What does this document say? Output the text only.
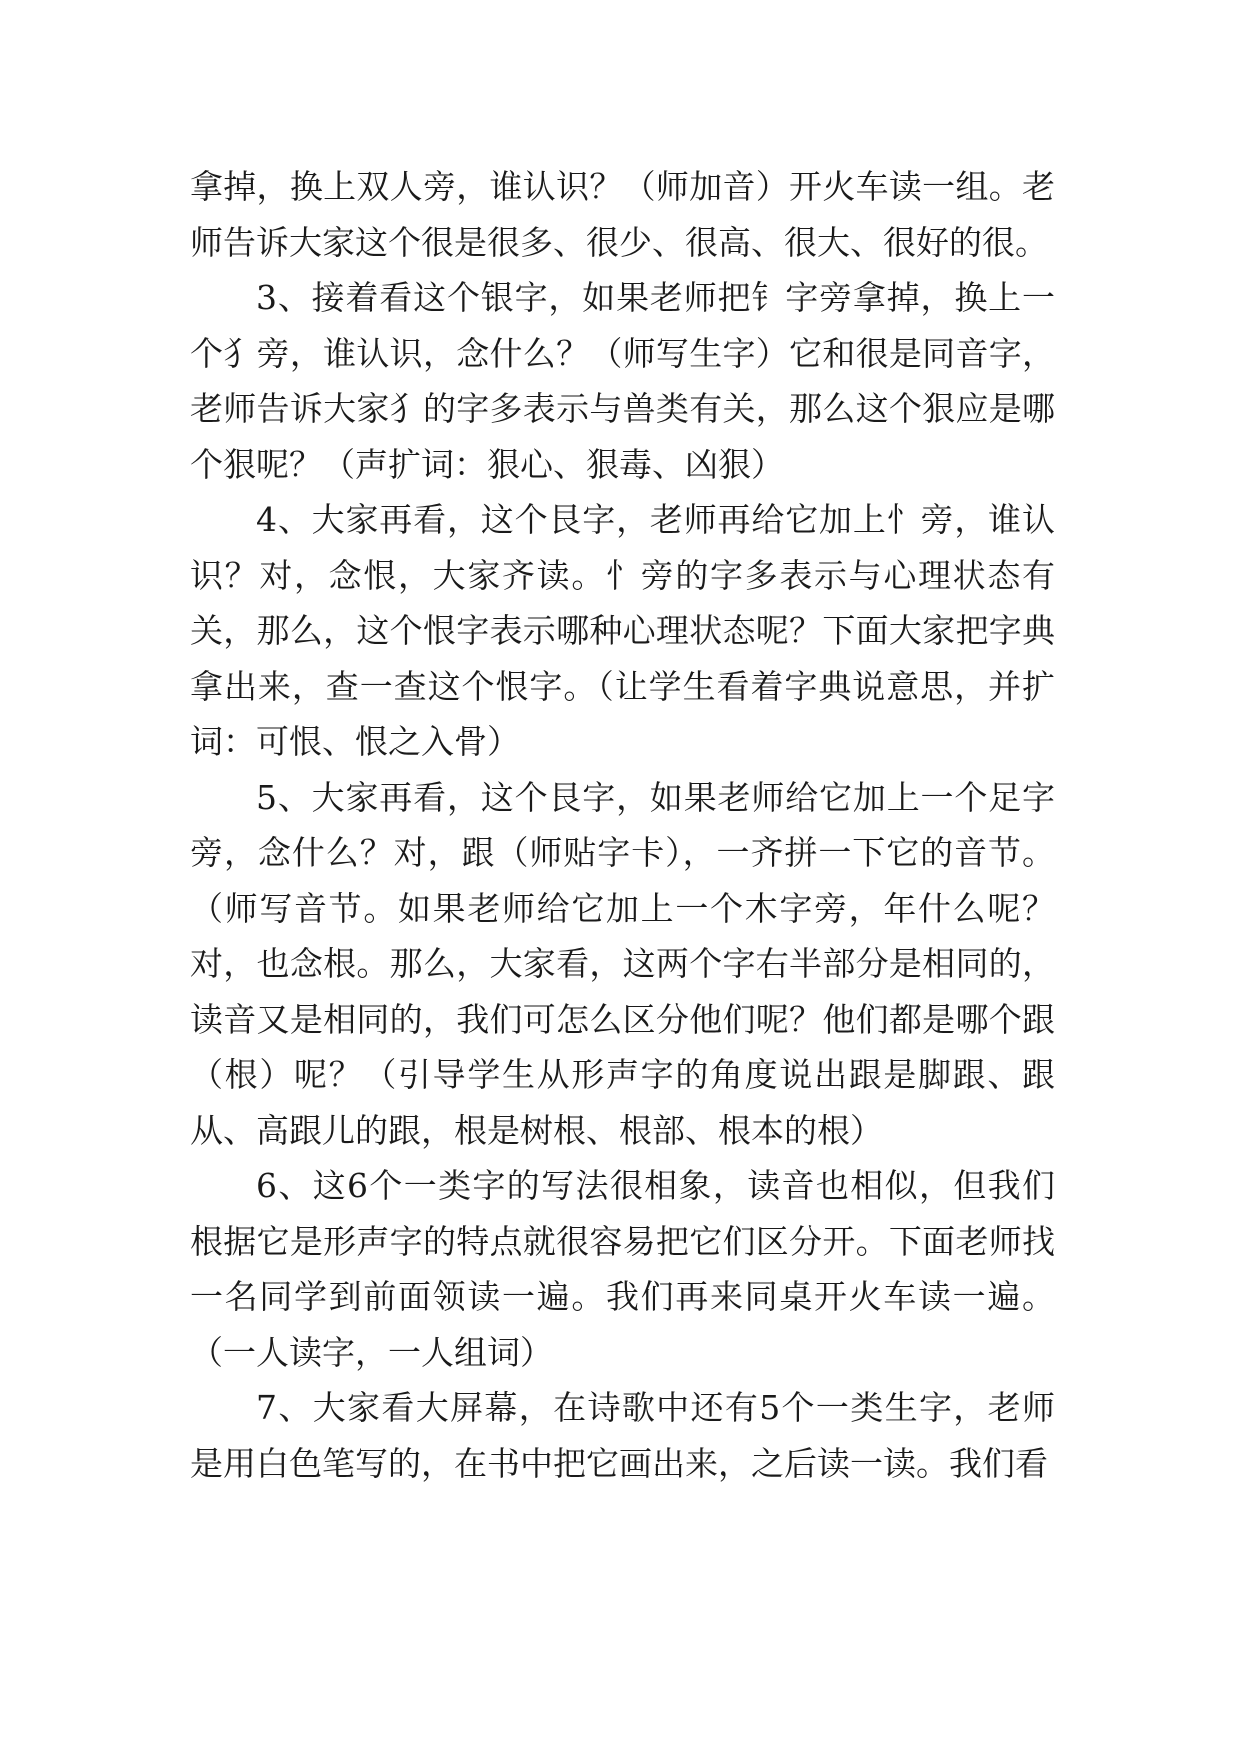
拿掉，换上双人旁，谁认识？（师加音）开火车读一组。老师告诉大家这个很是很多、很少、很高、很大、很好的很。

3、接着看这个银字，如果老师把钅字旁拿掉，换上一个犭旁，谁认识，念什么？（师写生字）它和很是同音字，老师告诉大家犭的字多表示与兽类有关，那么这个狠应是哪个狠呢？（声扩词：狠心、狠毒、凶狠）

4、大家再看，这个艮字，老师再给它加上忄旁，谁认识？对，念恨，大家齐读。忄旁的字多表示与心理状态有关，那么，这个恨字表示哪种心理状态呢？下面大家把字典拿出来，查一查这个恨字。（让学生看着字典说意思，并扩词：可恨、恨之入骨）

5、大家再看，这个艮字，如果老师给它加上一个足字旁，念什么？对，跟（师贴字卡），一齐拼一下它的音节。（师写音节。如果老师给它加上一个木字旁，年什么呢？对，也念根。那么，大家看，这两个字右半部分是相同的，读音又是相同的，我们可怎么区分他们呢？他们都是哪个跟（根）呢？（引导学生从形声字的角度说出跟是脚跟、跟从、高跟儿的跟，根是树根、根部、根本的根）

6、这6个一类字的写法很相象，读音也相似，但我们根据它是形声字的特点就很容易把它们区分开。下面老师找一名同学到前面领读一遍。我们再来同桌开火车读一遍。（一人读字，一人组词）

7、大家看大屏幕，在诗歌中还有5个一类生字，老师是用白色笔写的，在书中把它画出来，之后读一读。我们看
